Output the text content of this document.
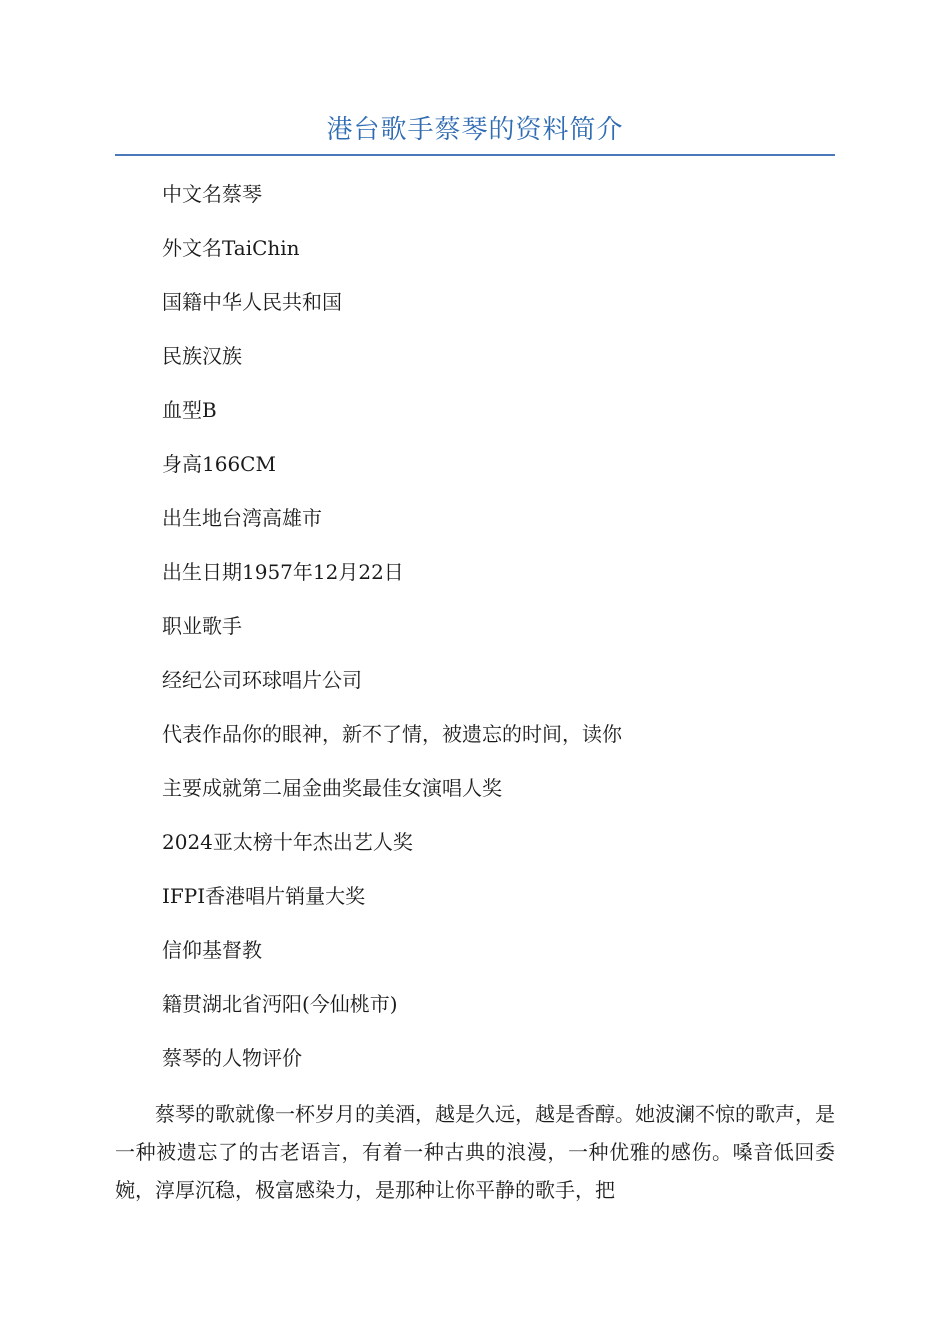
港台歌手蔡琴的资料简介
中文名蔡琴
外文名TaiChin
国籍中华人民共和国
民族汉族
血型B
身高166CM
出生地台湾高雄市
出生日期1957年12月22日
职业歌手
经纪公司环球唱片公司
代表作品你的眼神，新不了情，被遗忘的时间，读你
主要成就第二届金曲奖最佳女演唱人奖
2024亚太榜十年杰出艺人奖
IFPI香港唱片销量大奖
信仰基督教
籍贯湖北省沔阳(今仙桃市)
蔡琴的人物评价

蔡琴的歌就像一杯岁月的美酒，越是久远，越是香醇。她波澜不惊的歌声，是一种被遗忘了的古老语言，有着一种古典的浪漫，一种优雅的感伤。嗓音低回委婉，淳厚沉稳，极富感染力，是那种让你平静的歌手，把
